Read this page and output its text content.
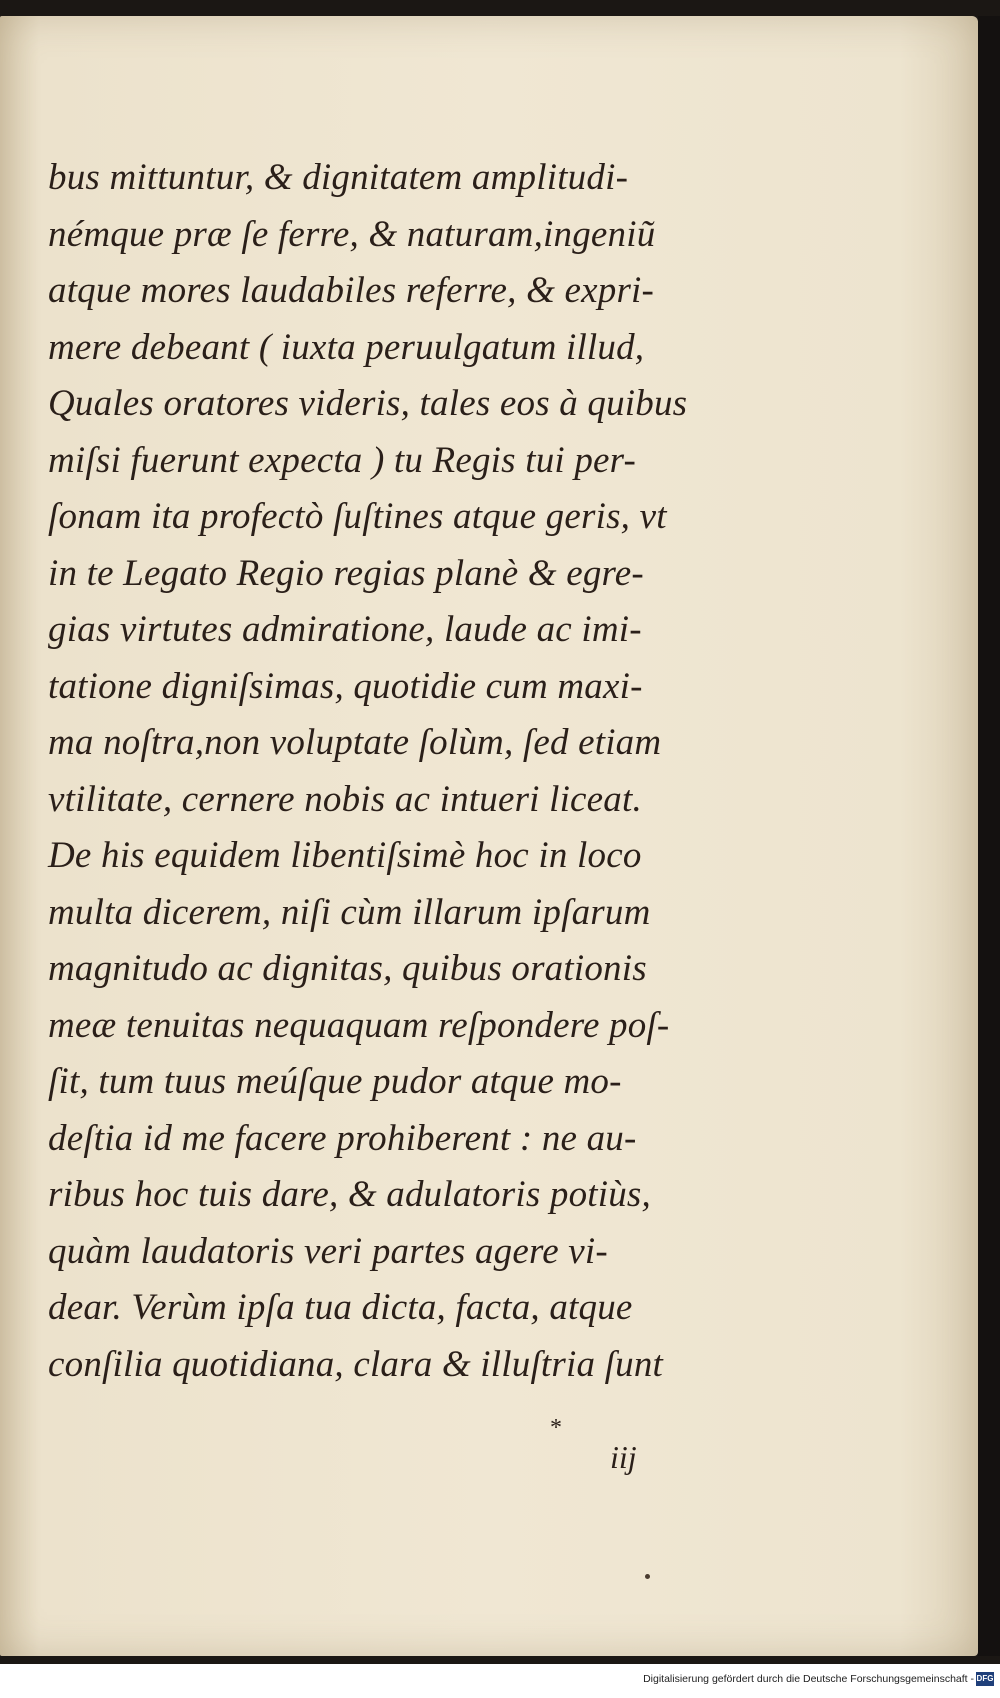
bus mittuntur, & dignitatem amplitudi-
némque præ ſe ferre, & naturam,ingeniũ
atque mores laudabiles referre, & expri-
mere debeant ( iuxta peruulgatum illud,
Quales oratores videris, tales eos à quibus
miſsi fuerunt expecta ) tu Regis tui per-
ſonam ita profectò ſuſtines atque geris, vt
in te Legato Regio regias planè & egre-
gias virtutes admiratione, laude ac imi-
tatione digniſsimas, quotidie cum maxi-
ma noſtra,non voluptate ſolùm, ſed etiam
vtilitate, cernere nobis ac intueri liceat.
De his equidem libentiſsimè hoc in loco
multa dicerem, niſi cùm illarum ipſarum
magnitudo ac dignitas, quibus orationis
meæ tenuitas nequaquam reſpondere poſ-
ſit, tum tuus meúſque pudor atque mo-
deſtia id me facere prohiberent : ne au-
ribus hoc tuis dare, & adulatoris potiùs,
quàm laudatoris veri partes agere vi-
dear. Verùm ipſa tua dicta, facta, atque
conſilia quotidiana, clara & illuſtria ſunt
*
iij
Digitalisierung gefördert durch die Deutsche Forschungsgemeinschaft - DFG
